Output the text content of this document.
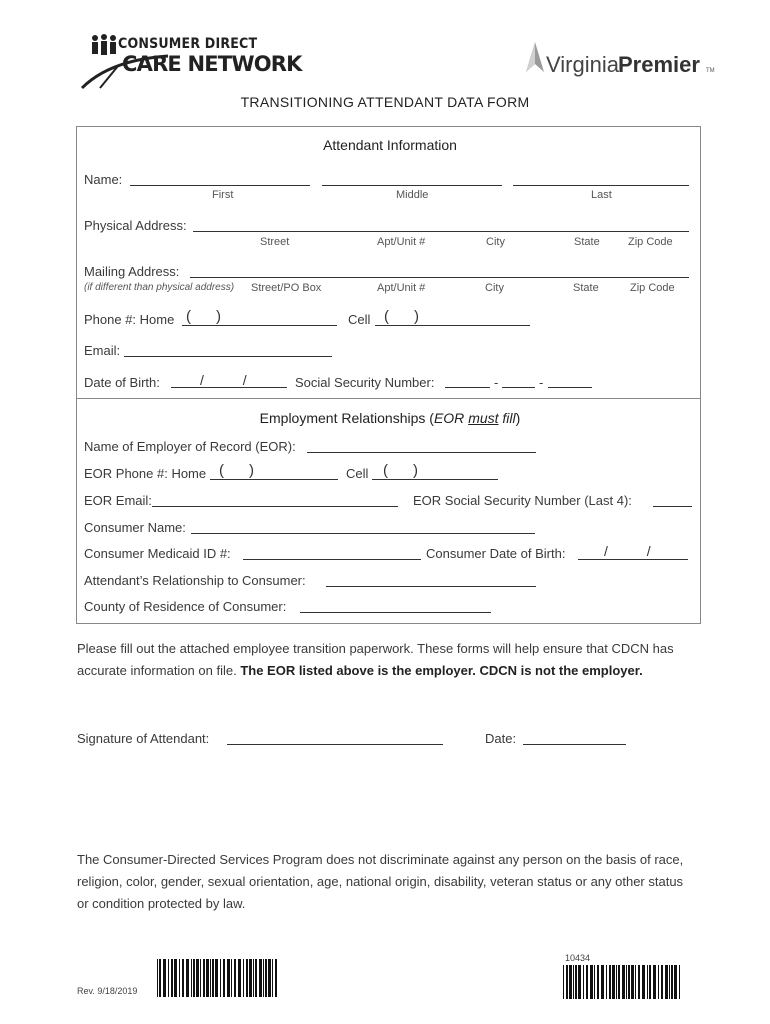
CONSUMER DIRECT
CARE NETWORK	Virginia Premier TM
TRANSITIONING ATTENDANT DATA FORM
Attendant Information
Name:
First	Middle	Last
Physical Address:
Street	Apt/Unit #	City	State	Zip Code
Mailing Address:
(if different than physical address) Street/PO Box	Apt/Unit #	City	State	Zip Code
Phone #: Home (      )	Cell (      )
Email:
Date of Birth:	/          /	Social Security Number:	-	-
Employment Relationships (EOR must fill)
Name of Employer of Record (EOR):
EOR Phone #: Home (      )	Cell (      )
EOR Email:	EOR Social Security Number (Last 4):
Consumer Name:
Consumer Medicaid ID #:	Consumer Date of Birth:	/          /
Attendant’s Relationship to Consumer:
County of Residence of Consumer:
Please fill out the attached employee transition paperwork. These forms will help ensure that CDCN has accurate information on file. The EOR listed above is the employer. CDCN is not the employer.
Signature of Attendant:	Date:
The Consumer-Directed Services Program does not discriminate against any person on the basis of race, religion, color, gender, sexual orientation, age, national origin, disability, veteran status or any other status or condition protected by law.
Rev. 9/18/2019
10434
